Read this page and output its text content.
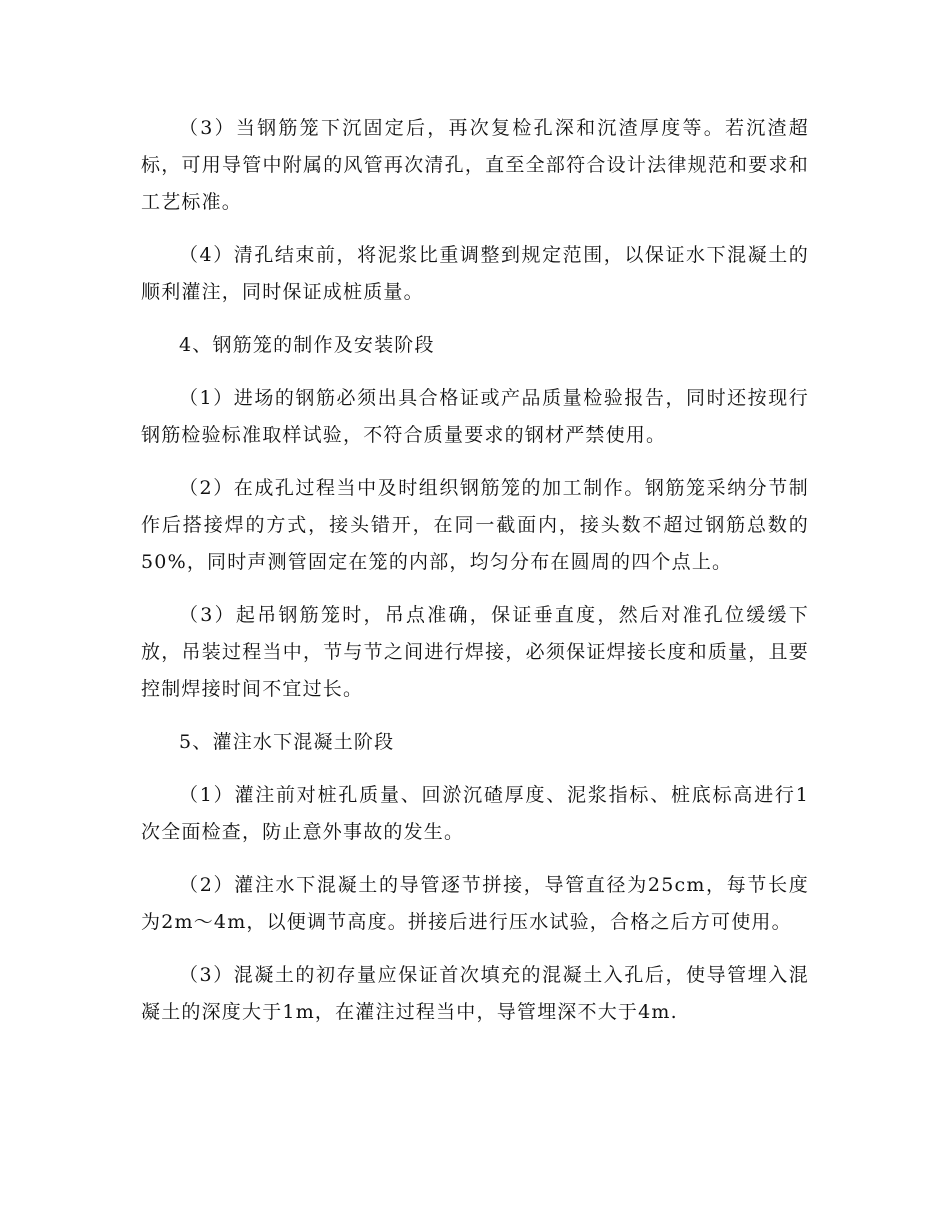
（3）当钢筋笼下沉固定后，再次复检孔深和沉渣厚度等。若沉渣超标，可用导管中附属的风管再次清孔，直至全部符合设计法律规范和要求和工艺标准。

（4）清孔结束前，将泥浆比重调整到规定范围，以保证水下混凝土的顺利灌注，同时保证成桩质量。

4、钢筋笼的制作及安装阶段

（1）进场的钢筋必须出具合格证或产品质量检验报告，同时还按现行钢筋检验标准取样试验，不符合质量要求的钢材严禁使用。

（2）在成孔过程当中及时组织钢筋笼的加工制作。钢筋笼采纳分节制作后搭接焊的方式，接头错开，在同一截面内，接头数不超过钢筋总数的50%，同时声测管固定在笼的内部，均匀分布在圆周的四个点上。

（3）起吊钢筋笼时，吊点准确，保证垂直度，然后对准孔位缓缓下放，吊装过程当中，节与节之间进行焊接，必须保证焊接长度和质量，且要控制焊接时间不宜过长。

5、灌注水下混凝土阶段

（1）灌注前对桩孔质量、回淤沉碴厚度、泥浆指标、桩底标高进行1次全面检查，防止意外事故的发生。

（2）灌注水下混凝土的导管逐节拼接，导管直径为25cm，每节长度为2m～4m，以便调节高度。拼接后进行压水试验，合格之后方可使用。

（3）混凝土的初存量应保证首次填充的混凝土入孔后，使导管埋入混凝土的深度大于1m，在灌注过程当中，导管埋深不大于4m.
